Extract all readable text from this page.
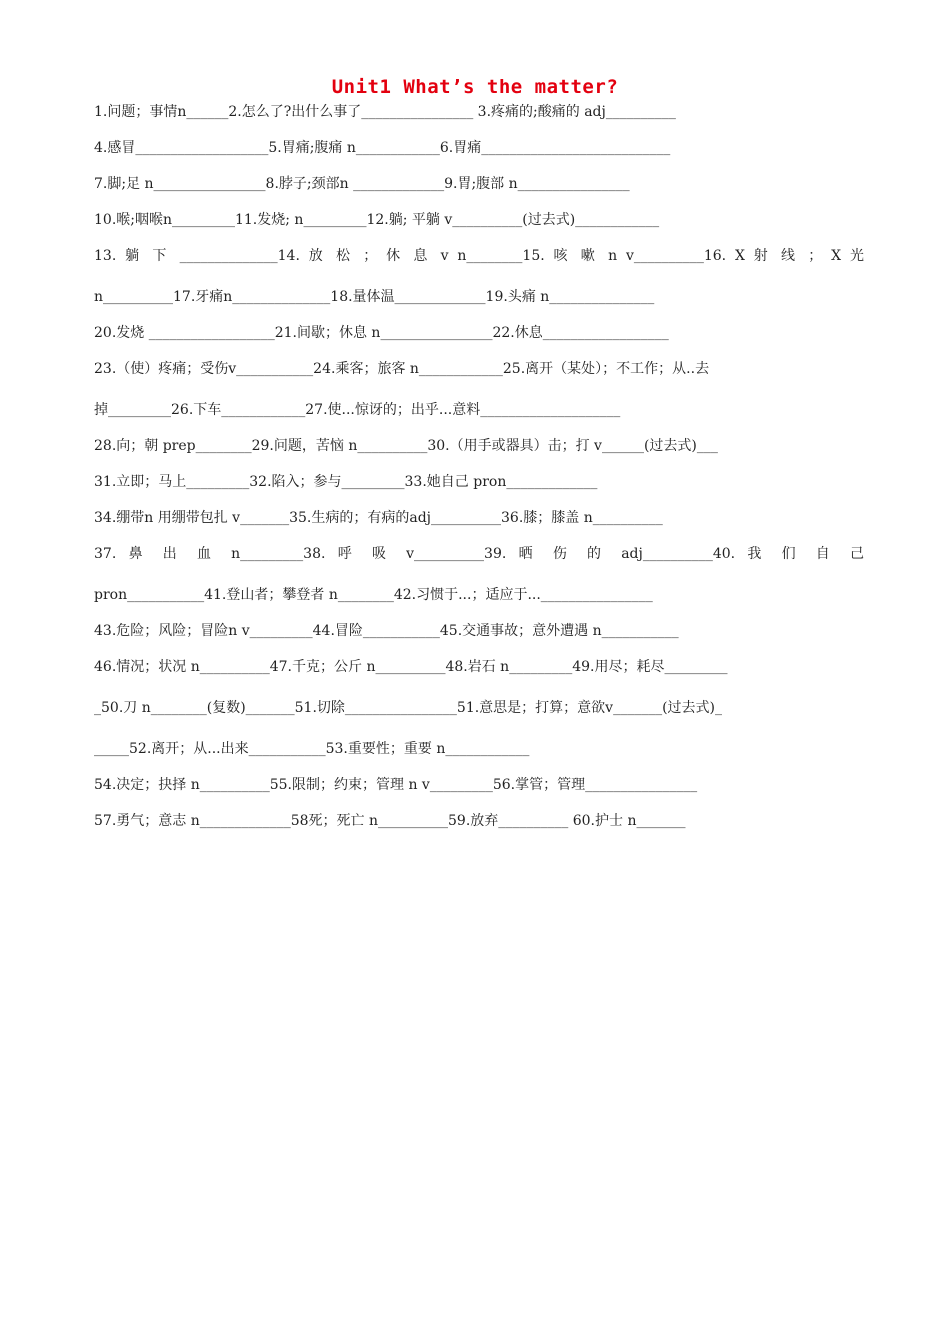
Unit1 What’s the matter?
1.问题；事情n______2.怎么了?出什么事了________________ 3.疼痛的;酸痛的 adj__________
4.感冒___________________5.胃痛;腹痛 n____________6.胃痛___________________________
7.脚;足 n________________8.脖子;颈部n _____________9.胃;腹部 n________________
10.喉;咽喉n_________11.发烧; n_________12.躺; 平躺 v__________(过去式)____________
13. 躺 下 ______________14. 放 松 ； 休 息 v n________15. 咳 嗽 n v__________16. X 射 线 ； X 光
n__________17.牙痛n______________18.量体温_____________19.头痛 n_______________
20.发烧 __________________21.间歇；休息 n________________22.休息__________________
23.（使）疼痛；受伤v___________24.乘客；旅客 n____________25.离开（某处）；不工作；从..去
掉_________26.下车____________27.使...惊讶的；出乎...意料____________________
28.向；朝 prep________29.问题，苦恼 n__________30.（用手或器具）击；打 v______(过去式)___
31.立即；马上_________32.陷入；参与_________33.她自己 pron_____________
34.绷带n 用绷带包扎 v_______35.生病的；有病的adj__________36.膝；膝盖 n__________
37. 鼻 出 血 n_________38. 呼 吸 v__________39. 晒 伤 的 adj__________40. 我 们 自 己
pron___________41.登山者；攀登者 n________42.习惯于...；适应于...________________
43.危险；风险；冒险n v_________44.冒险___________45.交通事故；意外遭遇 n___________
46.情况；状况 n__________47.千克；公斤 n__________48.岩石 n_________49.用尽；耗尽_________
_50.刀 n________(复数)_______51.切除________________51.意思是；打算；意欲v_______(过去式)_
_____52.离开；从...出来___________53.重要性；重要 n____________
54.决定；抉择 n__________55.限制；约束；管理 n v_________56.掌管；管理________________
57.勇气；意志 n_____________58死；死亡 n__________59.放弃__________ 60.护士 n_______
